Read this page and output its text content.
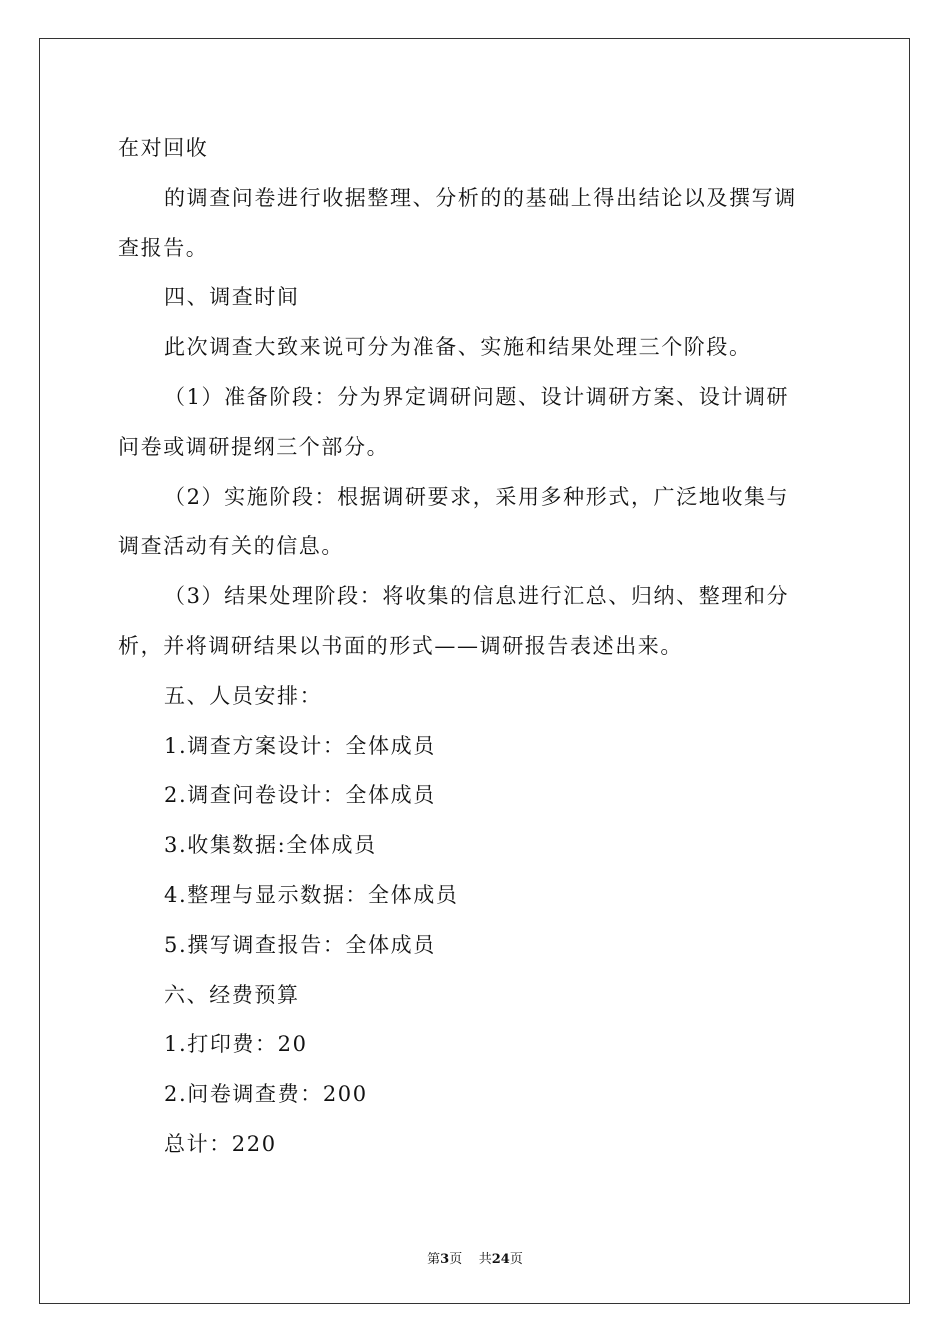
在对回收
的调查问卷进行收据整理、分析的的基础上得出结论以及撰写调
查报告。
四、调查时间
此次调查大致来说可分为准备、实施和结果处理三个阶段。
（1）准备阶段：分为界定调研问题、设计调研方案、设计调研
问卷或调研提纲三个部分。
（2）实施阶段：根据调研要求，采用多种形式，广泛地收集与
调查活动有关的信息。
（3）结果处理阶段：将收集的信息进行汇总、归纳、整理和分
析，并将调研结果以书面的形式——调研报告表述出来。
五、人员安排：
1.调查方案设计：全体成员
2.调查问卷设计：全体成员
3.收集数据:全体成员
4.整理与显示数据：全体成员
5.撰写调查报告：全体成员
六、经费预算
1.打印费：20
2.问卷调查费：200
总计：220
第3页 共24页
